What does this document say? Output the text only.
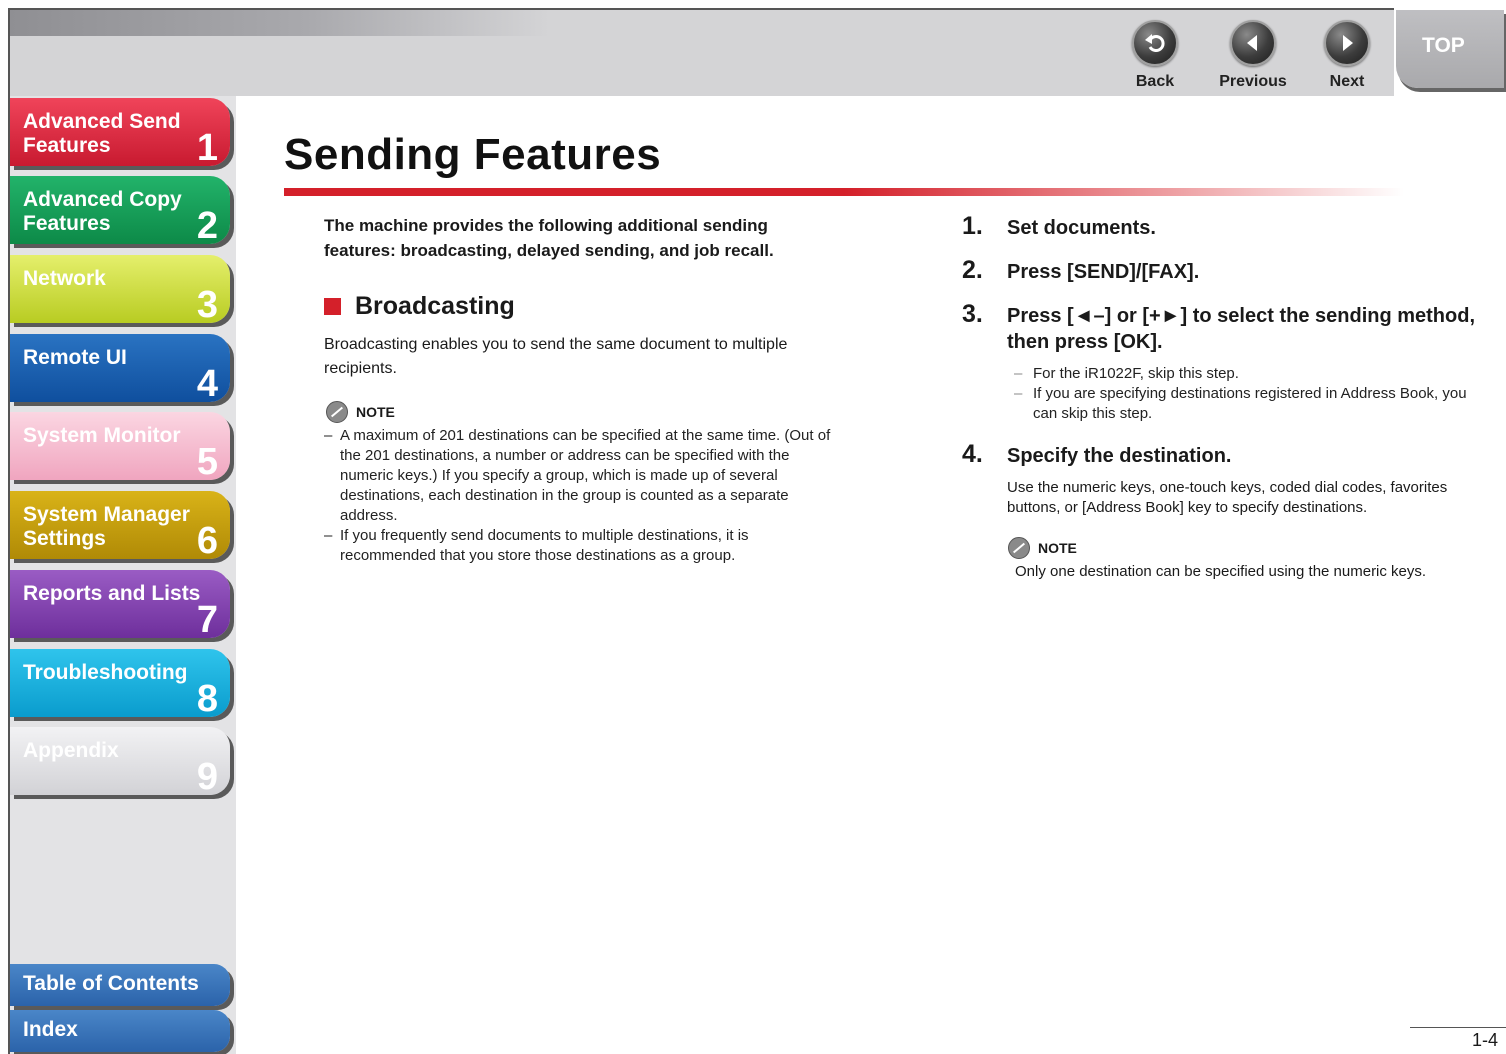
Back	Previous	Next
TOP
Advanced Send Features	1
Advanced Copy Features	2
Network
3
Remote UI
4
System Monitor
5
System Manager Settings	6
Reports and Lists
7
Troubleshooting
8
Appendix
9
Table of Contents
Index
Sending Features

The machine provides the following additional sending features: broadcasting, delayed sending, and job recall.

Broadcasting

Broadcasting enables you to send the same document to multiple recipients.

NOTE
– A maximum of 201 destinations can be specified at the same time. (Out of the 201 destinations, a number or address can be specified with the numeric keys.) If you specify a group, which is made up of several destinations, each destination in the group is counted as a separate address.
– If you frequently send documents to multiple destinations, it is recommended that you store those destinations as a group.
1. Set documents.
2. Press [SEND]/[FAX].
3. Press [◄–] or [+►] to select the sending method, then press [OK].
– For the iR1022F, skip this step.
– If you are specifying destinations registered in Address Book, you can skip this step.
4. Specify the destination.

Use the numeric keys, one-touch keys, coded dial codes, favorites buttons, or [Address Book] key to specify destinations.

NOTE

Only one destination can be specified using the numeric keys.

1-4
